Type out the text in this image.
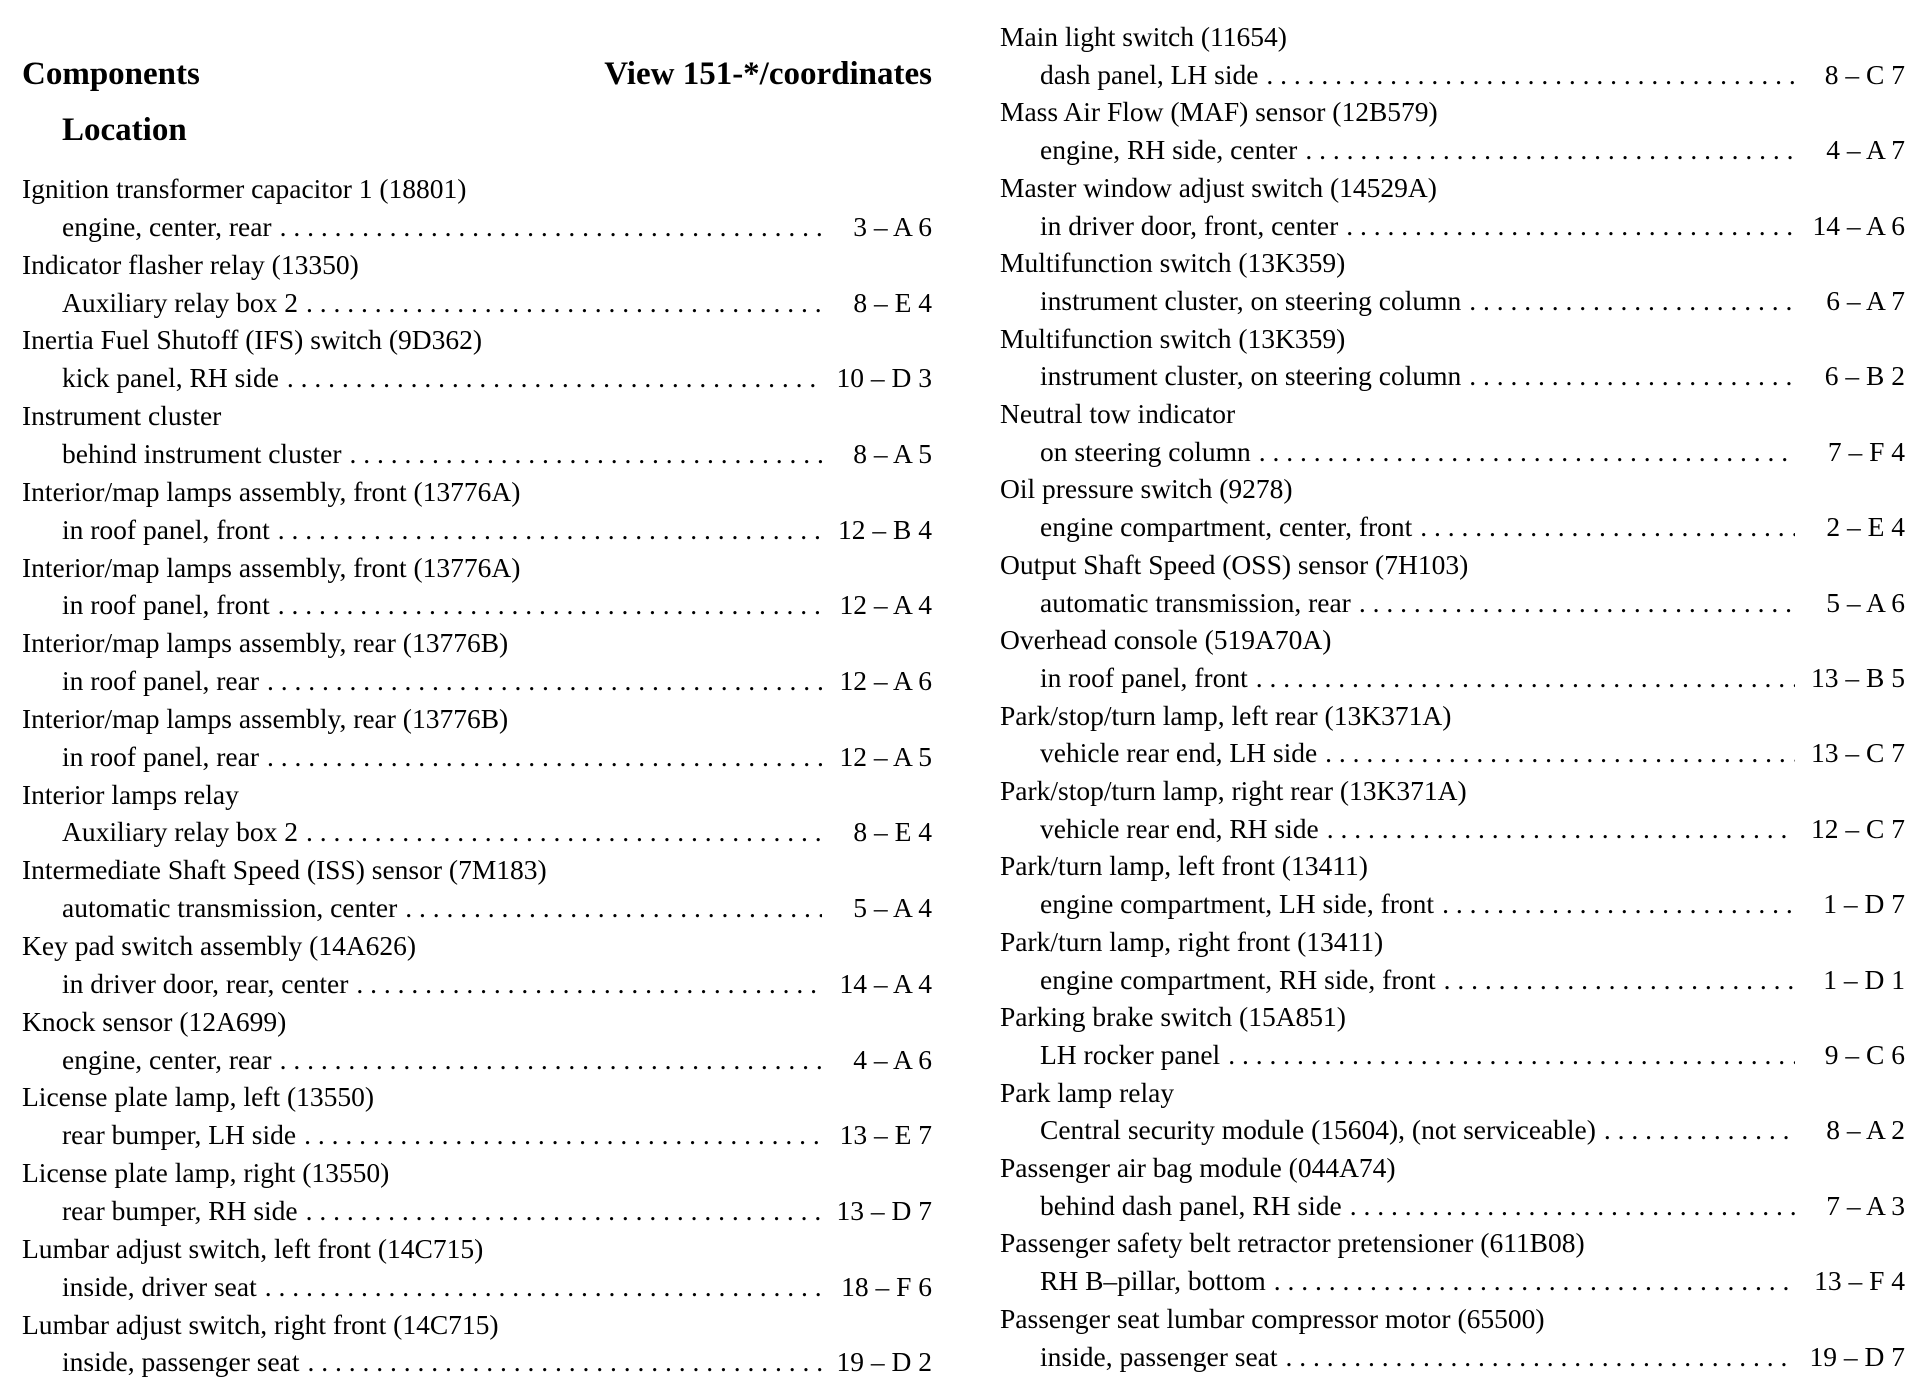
Components	View 151-*/coordinates
Location
Ignition transformer capacitor 1 (18801)
engine, center, rear . . .	3 – A 6
Indicator flasher relay (13350)
Auxiliary relay box 2 . . .	8 – E 4
Inertia Fuel Shutoff (IFS) switch (9D362)
kick panel, RH side . . .	10 – D 3
Instrument cluster
behind instrument cluster . . .	8 – A 5
Interior/map lamps assembly, front (13776A)
in roof panel, front . . .	12 – B 4
Interior/map lamps assembly, front (13776A)
in roof panel, front . . .	12 – A 4
Interior/map lamps assembly, rear (13776B)
in roof panel, rear . . .	12 – A 6
Interior/map lamps assembly, rear (13776B)
in roof panel, rear . . .	12 – A 5
Interior lamps relay
Auxiliary relay box 2 . . .	8 – E 4
Intermediate Shaft Speed (ISS) sensor (7M183)
automatic transmission, center . . .	5 – A 4
Key pad switch assembly (14A626)
in driver door, rear, center . . .	14 – A 4
Knock sensor (12A699)
engine, center, rear . . .	4 – A 6
License plate lamp, left (13550)
rear bumper, LH side . . .	13 – E 7
License plate lamp, right (13550)
rear bumper, RH side . . .	13 – D 7
Lumbar adjust switch, left front (14C715)
inside, driver seat . . .	18 – F 6
Lumbar adjust switch, right front (14C715)
inside, passenger seat . . .	19 – D 2
Main light switch (11654)
dash panel, LH side . . .	8 – C 7
Mass Air Flow (MAF) sensor (12B579)
engine, RH side, center . . .	4 – A 7
Master window adjust switch (14529A)
in driver door, front, center . . .	14 – A 6
Multifunction switch (13K359)
instrument cluster, on steering column . . .	6 – A 7
Multifunction switch (13K359)
instrument cluster, on steering column . . .	6 – B 2
Neutral tow indicator
on steering column . . .	7 – F 4
Oil pressure switch (9278)
engine compartment, center, front . . .	2 – E 4
Output Shaft Speed (OSS) sensor (7H103)
automatic transmission, rear . . .	5 – A 6
Overhead console (519A70A)
in roof panel, front . . .	13 – B 5
Park/stop/turn lamp, left rear (13K371A)
vehicle rear end, LH side . . .	13 – C 7
Park/stop/turn lamp, right rear (13K371A)
vehicle rear end, RH side . . .	12 – C 7
Park/turn lamp, left front (13411)
engine compartment, LH side, front . . .	1 – D 7
Park/turn lamp, right front (13411)
engine compartment, RH side, front . . .	1 – D 1
Parking brake switch (15A851)
LH rocker panel . . .	9 – C 6
Park lamp relay
Central security module (15604), (not serviceable) . . .	8 – A 2
Passenger air bag module (044A74)
behind dash panel, RH side . . .	7 – A 3
Passenger safety belt retractor pretensioner (611B08)
RH B–pillar, bottom . . .	13 – F 4
Passenger seat lumbar compressor motor (65500)
inside, passenger seat . . .	19 – D 7
